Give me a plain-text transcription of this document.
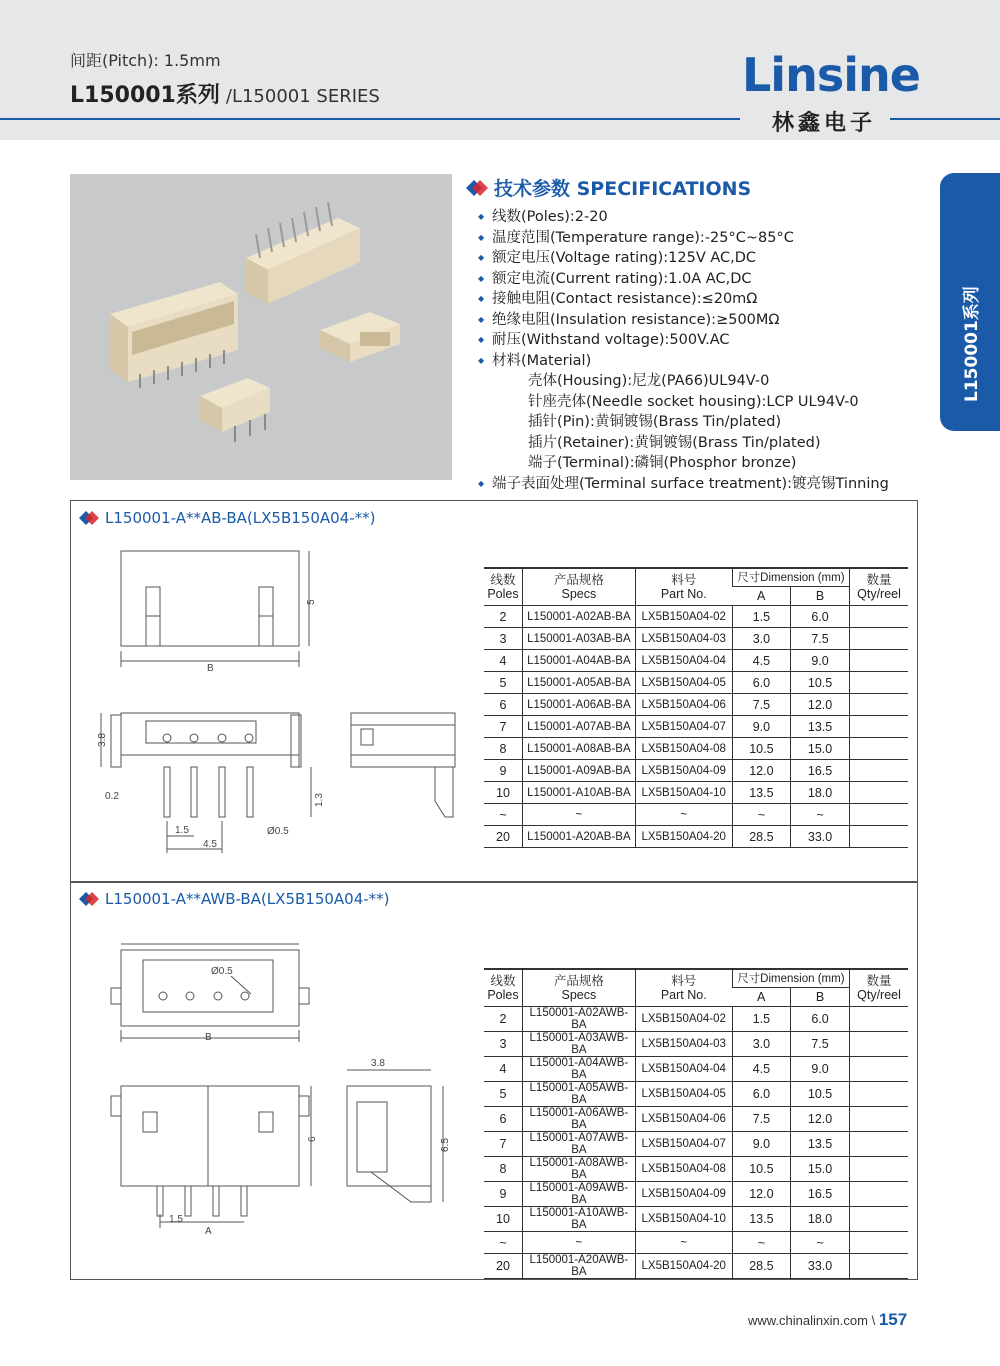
间距(Pitch): 1.5mm
L150001系列 /L150001 SERIES	Linsine
林鑫电子
L150001系列
技术参数 SPECIFICATIONS
◆ 线数(Poles):2-20
◆ 温度范围(Temperature range):-25°C~85°C
◆ 额定电压(Voltage rating):125V AC,DC
◆ 额定电流(Current rating):1.0A AC,DC
◆ 接触电阻(Contact resistance):≤20mΩ
◆ 绝缘电阻(Insulation resistance):≥500MΩ
◆ 耐压(Withstand voltage):500V.AC
◆ 材料(Material)
壳体(Housing):尼龙(PA66)UL94V-0
针座壳体(Needle socket housing):LCP UL94V-0
插针(Pin):黄铜镀锡(Brass Tin/plated)
插片(Retainer):黄铜镀锡(Brass Tin/plated)
端子(Terminal):磷铜(Phosphor bronze)
◆ 端子表面处理(Terminal surface treatment):镀亮锡Tinning
L150001-A**AB-BA(LX5B150A04-**)
5
B
3.8
0.2
1.5
4.5
Ø0.5
1.3
线数
Poles	产品规格
Specs	料号
Part No.	尺寸Dimension (mm)		数量
Qty/reel
			A	B	
2	L150001-A02AB-BA	LX5B150A04-02	1.5	6.0	
3	L150001-A03AB-BA	LX5B150A04-03	3.0	7.5	
4	L150001-A04AB-BA	LX5B150A04-04	4.5	9.0	
5	L150001-A05AB-BA	LX5B150A04-05	6.0	10.5	
6	L150001-A06AB-BA	LX5B150A04-06	7.5	12.0	
7	L150001-A07AB-BA	LX5B150A04-07	9.0	13.5	
8	L150001-A08AB-BA	LX5B150A04-08	10.5	15.0	
9	L150001-A09AB-BA	LX5B150A04-09	12.0	16.5	
10	L150001-A10AB-BA	LX5B150A04-10	13.5	18.0	
~	~	~	~	~	
20	L150001-A20AB-BA	LX5B150A04-20	28.5	33.0	
L150001-A**AWB-BA(LX5B150A04-**)
Ø0.5
B
3.8
6	6.5
1.5
A
线数
Poles	产品规格
Specs	料号
Part No.	尺寸Dimension (mm)		数量
Qty/reel
			A	B	
2	L150001-A02AWB-BA	LX5B150A04-02	1.5	6.0	
3	L150001-A03AWB-BA	LX5B150A04-03	3.0	7.5	
4	L150001-A04AWB-BA	LX5B150A04-04	4.5	9.0	
5	L150001-A05AWB-BA	LX5B150A04-05	6.0	10.5	
6	L150001-A06AWB-BA	LX5B150A04-06	7.5	12.0	
7	L150001-A07AWB-BA	LX5B150A04-07	9.0	13.5	
8	L150001-A08AWB-BA	LX5B150A04-08	10.5	15.0	
9	L150001-A09AWB-BA	LX5B150A04-09	12.0	16.5	
10	L150001-A10AWB-BA	LX5B150A04-10	13.5	18.0	
~	~	~	~	~	
20	L150001-A20AWB-BA	LX5B150A04-20	28.5	33.0	
www.chinalinxin.com \ 157
